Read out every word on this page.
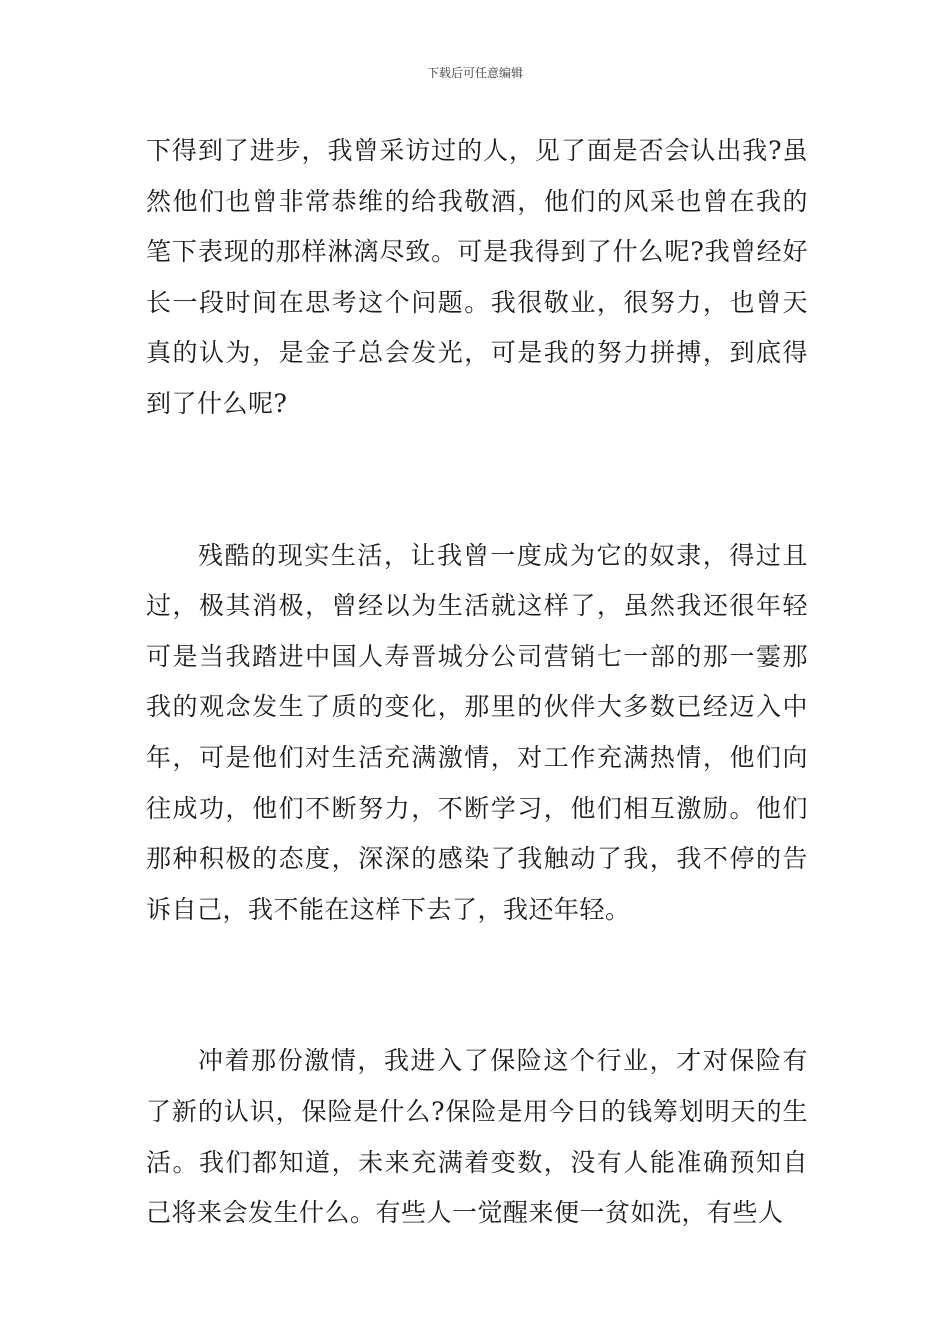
下载后可任意编辑

下得到了进步，我曾采访过的人，见了面是否会认出我?虽然他们也曾非常恭维的给我敬酒，他们的风采也曾在我的笔下表现的那样淋漓尽致。可是我得到了什么呢?我曾经好长一段时间在思考这个问题。我很敬业，很努力，也曾天真的认为，是金子总会发光，可是我的努力拼搏，到底得到了什么呢?

残酷的现实生活，让我曾一度成为它的奴隶，得过且过，极其消极，曾经以为生活就这样了，虽然我还很年轻可是当我踏进中国人寿晋城分公司营销七一部的那一霎那我的观念发生了质的变化，那里的伙伴大多数已经迈入中年，可是他们对生活充满激情，对工作充满热情，他们向往成功，他们不断努力，不断学习，他们相互激励。他们那种积极的态度，深深的感染了我触动了我，我不停的告诉自己，我不能在这样下去了，我还年轻。

冲着那份激情，我进入了保险这个行业，才对保险有了新的认识，保险是什么?保险是用今日的钱筹划明天的生活。我们都知道，未来充满着变数，没有人能准确预知自己将来会发生什么。有些人一觉醒来便一贫如洗，有些人
